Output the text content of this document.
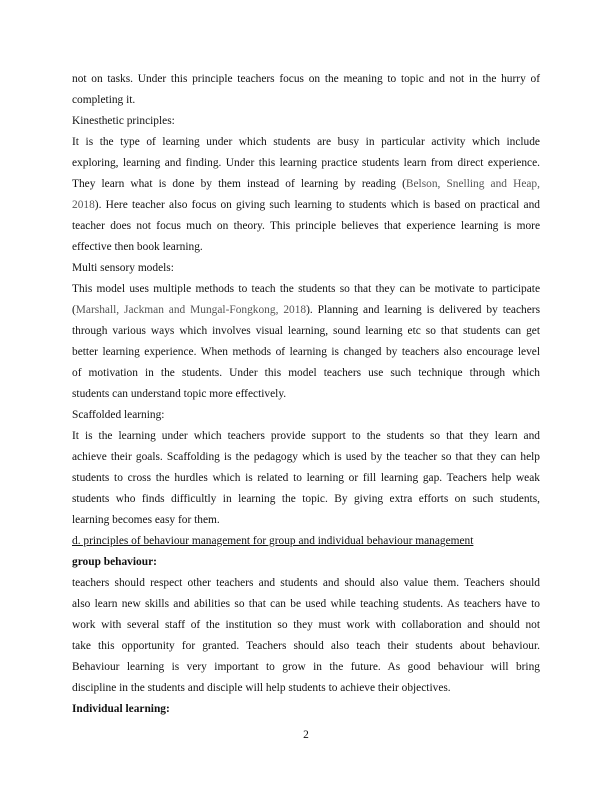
not on tasks. Under this principle teachers focus on the meaning to topic and not in the hurry of
completing it.
Kinesthetic principles:
It is the type of learning under which students are busy in particular activity which include
exploring, learning and finding. Under this learning practice students learn from direct experience.
They learn what is done by them instead of learning by reading (Belson, Snelling and Heap,
2018). Here teacher also focus on giving such learning to students which is based on practical and
teacher does not focus much on theory. This principle believes that experience learning is more
effective then book learning.
Multi sensory models:
This model uses multiple methods to teach the students so that they can be motivate to participate
(Marshall, Jackman and Mungal-Fongkong, 2018). Planning and learning is delivered by teachers
through various ways which involves visual learning, sound learning etc so that students can get
better learning experience. When methods of learning is changed by teachers also encourage level
of motivation in the students. Under this model teachers use such technique through which
students can understand topic more effectively.
Scaffolded learning:
It is the learning under which teachers provide support to the students so that they learn and
achieve their goals. Scaffolding is the pedagogy which is used by the teacher so that they can help
students to cross the hurdles which is related to learning or fill learning gap. Teachers help weak
students who finds difficultly in learning the topic. By giving extra efforts on such students,
learning becomes easy for them.
d. principles of behaviour management for group and individual behaviour management
group behaviour:
teachers should respect other teachers and students and should also value them. Teachers should
also learn new skills and abilities so that can be used while teaching students. As teachers have to
work with several staff of the institution so they must work with collaboration and should not
take this opportunity for granted. Teachers should also teach their students about behaviour.
Behaviour learning is very important to grow in the future. As good behaviour will bring
discipline in the students and disciple will help students to achieve their objectives.
Individual learning:
2
